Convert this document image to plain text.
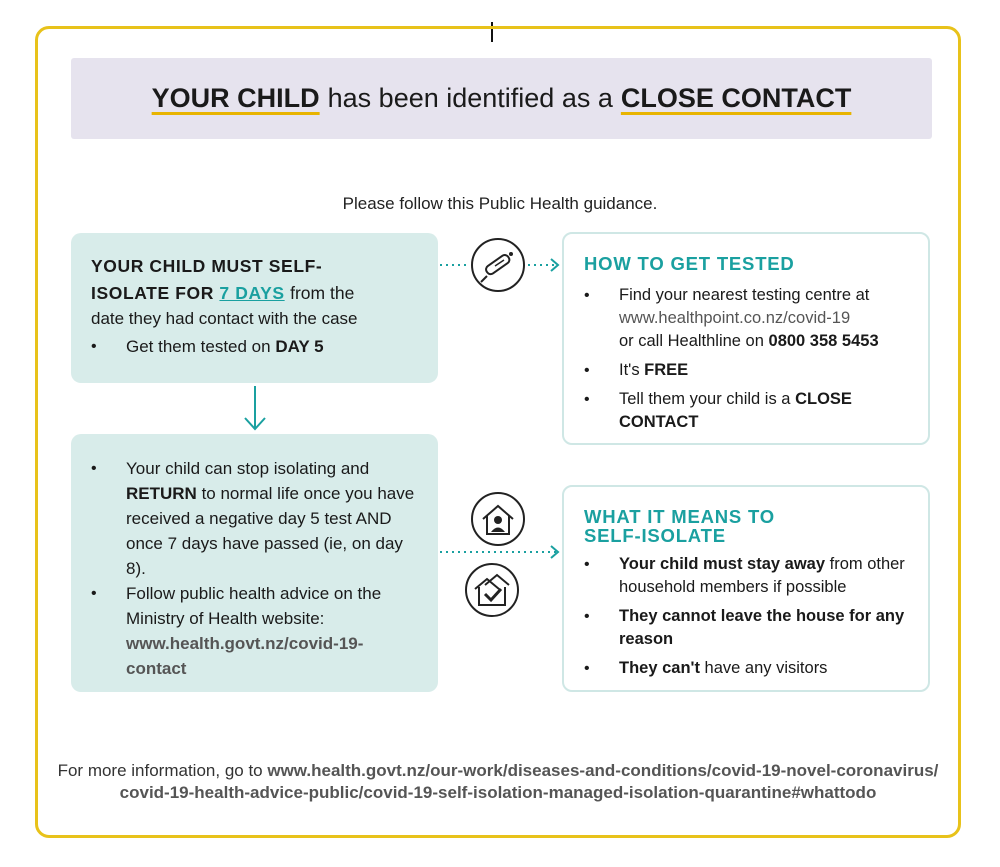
YOUR CHILD has been identified as a CLOSE CONTACT
Please follow this Public Health guidance.
YOUR CHILD MUST SELF-
ISOLATE FOR 7 DAYS from the
date they had contact with the case
• Get them tested on DAY 5
• Your child can stop isolating and RETURN to normal life once you have received a negative day 5 test AND once 7 days have passed (ie, on day 8).
• Follow public health advice on the Ministry of Health website:
www.health.govt.nz/covid-19-contact
HOW TO GET TESTED
• Find your nearest testing centre at
www.healthpoint.co.nz/covid-19
or call Healthline on 0800 358 5453
• It's FREE
• Tell them your child is a CLOSE CONTACT
WHAT IT MEANS TO
SELF-ISOLATE
• Your child must stay away from other household members if possible
• They cannot leave the house for any reason
• They can't have any visitors
For more information, go to www.health.govt.nz/our-work/diseases-and-conditions/covid-19-novel-coronavirus/covid-19-health-advice-public/covid-19-self-isolation-managed-isolation-quarantine#whattodo
